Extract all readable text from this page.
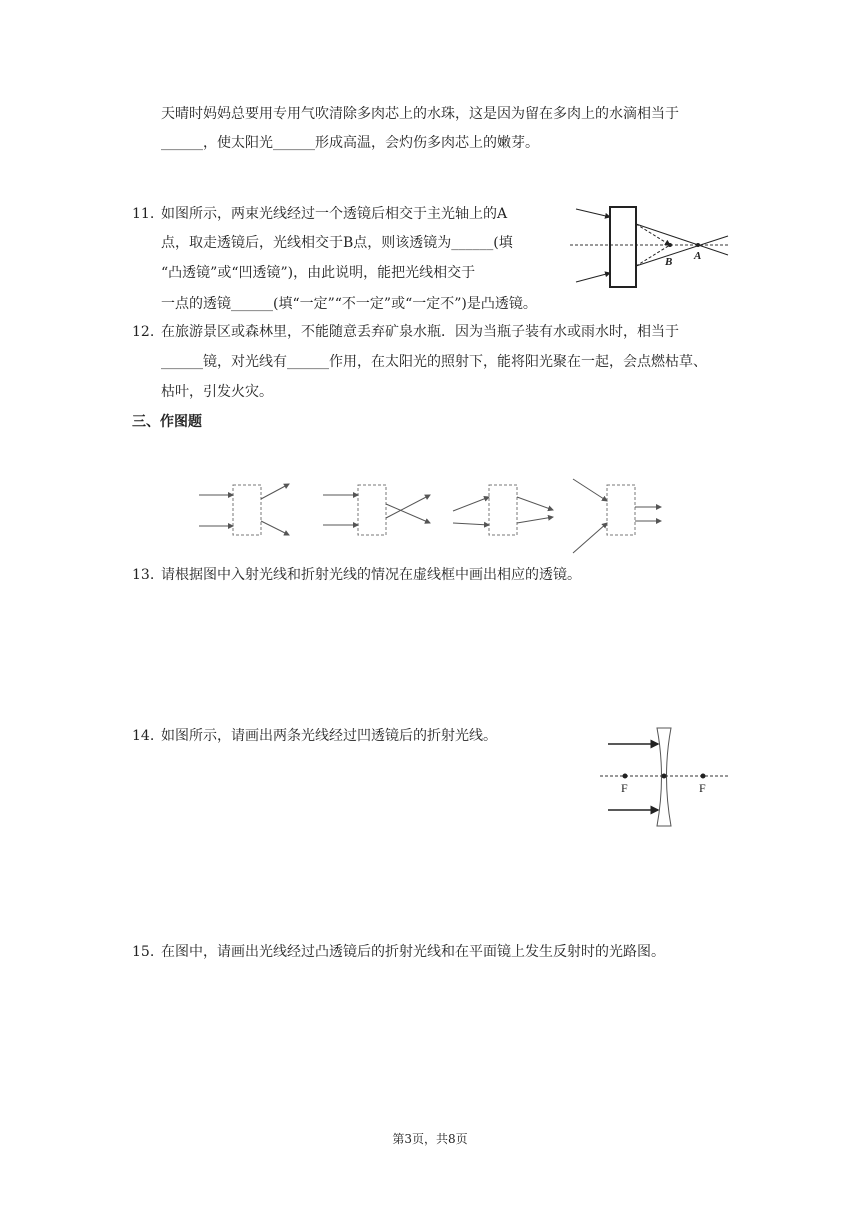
天晴时妈妈总要用专用气吹清除多肉芯上的水珠，这是因为留在多肉上的水滴相当于
______，使太阳光______形成高温，会灼伤多肉芯上的嫩芽。
11. 如图所示，两束光线经过一个透镜后相交于主光轴上的A
点，取走透镜后，光线相交于B点，则该透镜为______(填
“凸透镜”或“凹透镜”)，由此说明，能把光线相交于
一点的透镜______(填“一定”“不一定”或“一定不”)是凸透镜。
B A
12. 在旅游景区或森林里，不能随意丢弃矿泉水瓶．因为当瓶子装有水或雨水时，相当于
______镜，对光线有______作用，在太阳光的照射下，能将阳光聚在一起，会点燃枯草、
枯叶，引发火灾。
三、作图题
13. 请根据图中入射光线和折射光线的情况在虚线框中画出相应的透镜。
14. 如图所示，请画出两条光线经过凹透镜后的折射光线。
F	F
15. 在图中，请画出光线经过凸透镜后的折射光线和在平面镜上发生反射时的光路图。
第3页，共8页
